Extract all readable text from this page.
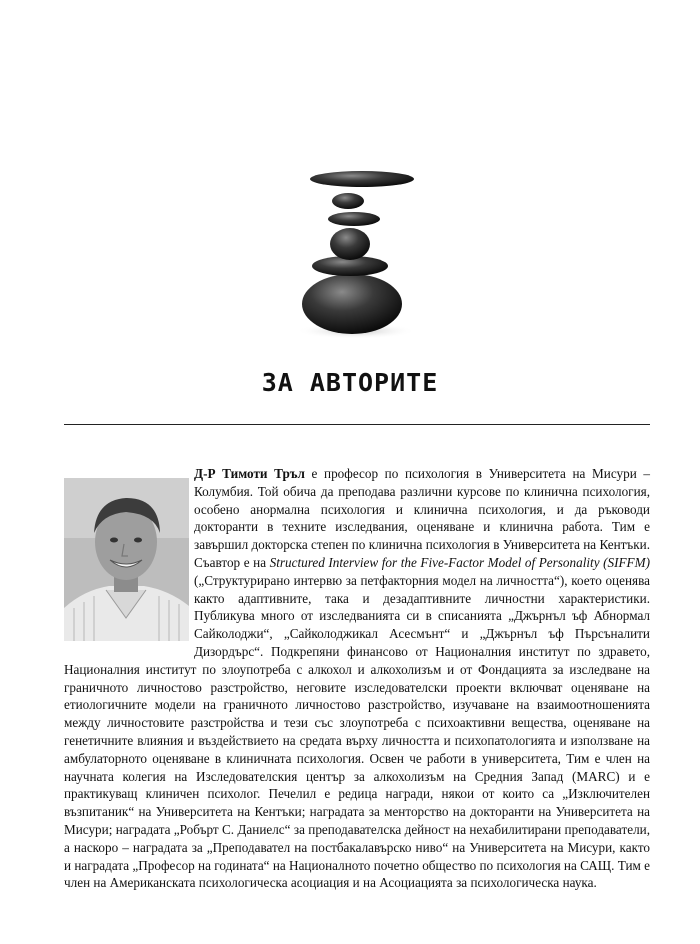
ЗА АВТОРИТЕ

Д-Р Тимоти Тръл е професор по психология в Университета на Мисури – Колумбия. Той обича да преподава различни курсове по клинична психология, особено анормална психология и клинична психология, и да ръководи докторанти в техните изследвания, оценяване и клинична работа. Тим е завършил докторска степен по клинична психология в Университета на Кентъки. Съавтор е на Structured Interview for the Five-Factor Model of Personality (SIFFM) („Структурирано интервю за петфакторния модел на личността“), което оценява както адаптивните, така и дезадаптивните личностни характеристики. Публикува много от изследванията си в списанията „Джърнъл ъф Абнормал Сайколоджи“, „Сайколоджикал Асесмънт“ и „Джърнъл ъф Пърсъналити Дизордърс“. Подкрепяни финансово от Националния институт по здравето, Националния институт по злоупотреба с алкохол и алкохолизъм и от Фондацията за изследване на граничното личностово разстройство, неговите изследователски проекти включват оценяване на етиологичните модели на граничното личностово разстройство, изучаване на взаимоотношенията между личностовите разстройства и тези със злоупотреба с психоактивни вещества, оценяване на генетичните влияния и въздействието на средата върху личността и психопатологията и използване на амбулаторното оценяване в клиничната психология. Освен че работи в университета, Тим е член на научната колегия на Изследователския център за алкохолизъм на Средния Запад (MARC) и е практикуващ клиничен психолог. Печелил е редица награди, някои от които са „Изключителен възпитаник“ на Университета на Кентъки; наградата за менторство на докторанти на Университета на Мисури; наградата „Робърт С. Даниелс“ за преподавателска дейност на нехабилитирани преподаватели, а наскоро – наградата за „Преподавател на постбакалавърско ниво“ на Университета на Мисури, както и наградата „Професор на годината“ на Националното почетно общество по психология на САЩ. Тим е член на Американската психологическа асоциация и на Асоциацията за психологическа наука.
